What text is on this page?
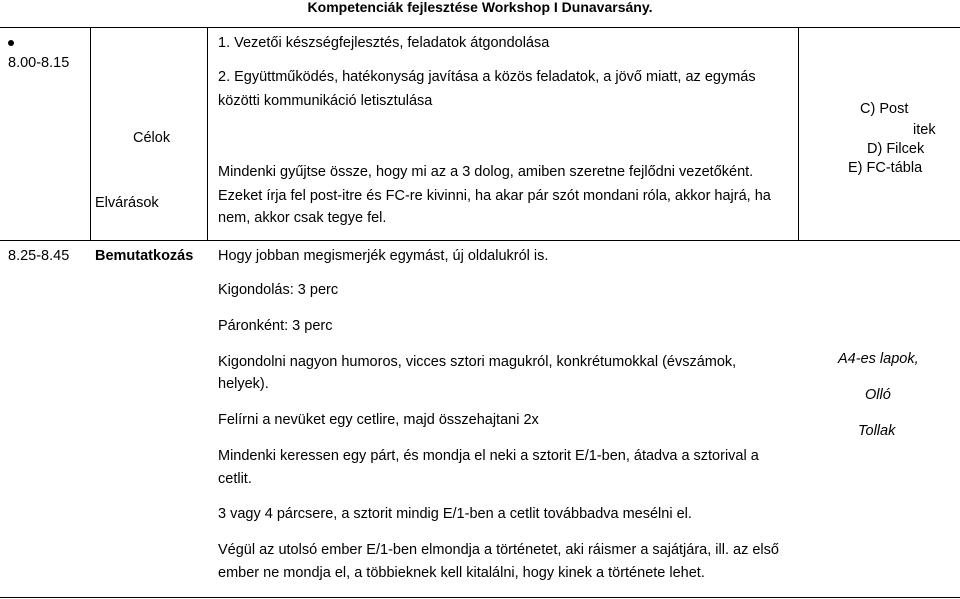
Kompetenciák fejlesztése Workshop I Dunavarsány.
8.00-8.15
Célok
Elvárások
1. Vezetői készségfejlesztés, feladatok átgondolása
2. Együttműködés, hatékonyság javítása a közös feladatok, a jövő miatt, az egymás
közötti kommunikáció letisztulása
Mindenki gyűjtse össze, hogy mi az a 3 dolog, amiben szeretne fejlődni vezetőként.
Ezeket írja fel post-itre és FC-re kivinni, ha akar pár szót mondani róla, akkor hajrá, ha
nem, akkor csak tegye fel.
C) Post
itek
D) Filcek
E) FC-tábla
8.25-8.45 Bemutatkozás Hogy jobban megismerjék egymást, új oldalukról is.
Kigondolás: 3 perc
Páronként: 3 perc
Kigondolni nagyon humoros, vicces sztori magukról, konkrétumokkal (évszámok,
helyek).
Felírni a nevüket egy cetlire, majd összehajtani 2x
Mindenki keressen egy párt, és mondja el neki a sztorit E/1-ben, átadva a sztorival a
cetlit.
3 vagy 4 párcsere, a sztorit mindig E/1-ben a cetlit továbbadva mesélni el.
Végül az utolsó ember E/1-ben elmondja a történetet, aki ráismer a sajátjára, ill. az első
ember ne mondja el, a többieknek kell kitalálni, hogy kinek a története lehet.
A4-es lapok,
Olló
Tollak
